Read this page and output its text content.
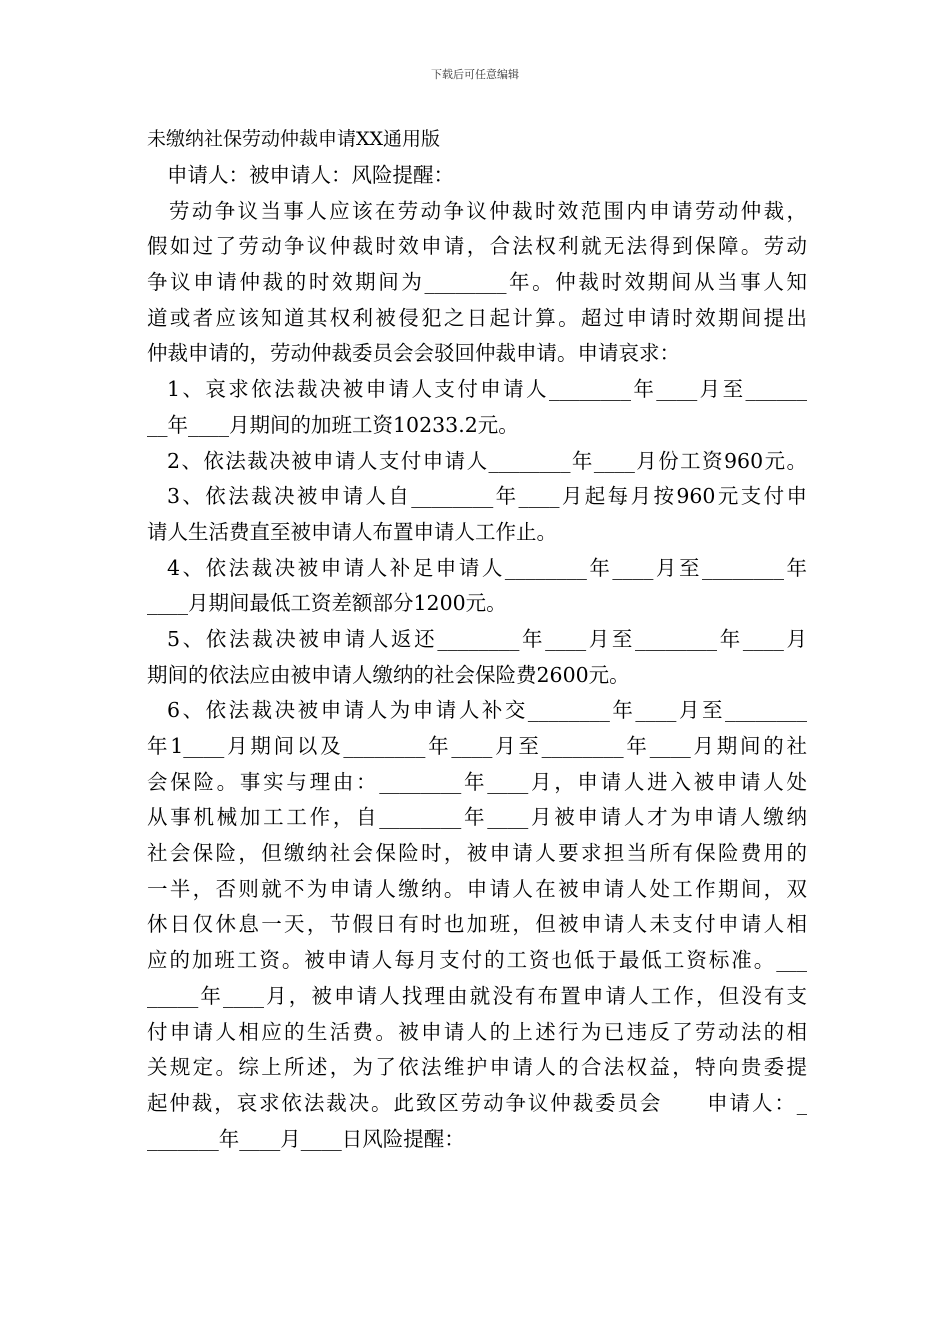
下载后可任意编辑
未缴纳社保劳动仲裁申请XX通用版
申请人：被申请人：风险提醒：
劳动争议当事人应该在劳动争议仲裁时效范围内申请劳动仲裁，
假如过了劳动争议仲裁时效申请，合法权利就无法得到保障。劳动
争议申请仲裁的时效期间为________年。仲裁时效期间从当事人知
道或者应该知道其权利被侵犯之日起计算。超过申请时效期间提出
仲裁申请的，劳动仲裁委员会会驳回仲裁申请。申请哀求：
1、哀求依法裁决被申请人支付申请人________年____月至______
__年____月期间的加班工资10233.2元。
2、依法裁决被申请人支付申请人________年____月份工资960元。
3、依法裁决被申请人自________年____月起每月按960元支付申
请人生活费直至被申请人布置申请人工作止。
4、依法裁决被申请人补足申请人________年____月至________年
____月期间最低工资差额部分1200元。
5、依法裁决被申请人返还________年____月至________年____月
期间的依法应由被申请人缴纳的社会保险费2600元。
6、依法裁决被申请人为申请人补交________年____月至________
年1____月期间以及________年____月至________年____月期间的社
会保险。事实与理由：________年____月，申请人进入被申请人处
从事机械加工工作，自________年____月被申请人才为申请人缴纳
社会保险，但缴纳社会保险时，被申请人要求担当所有保险费用的
一半，否则就不为申请人缴纳。申请人在被申请人处工作期间，双
休日仅休息一天，节假日有时也加班，但被申请人未支付申请人相
应的加班工资。被申请人每月支付的工资也低于最低工资标准。___
_____年____月，被申请人找理由就没有布置申请人工作，但没有支
付申请人相应的生活费。被申请人的上述行为已违反了劳动法的相
关规定。综上所述，为了依法维护申请人的合法权益，特向贵委提
起仲裁，哀求依法裁决。此致区劳动争议仲裁委员会　　申请人：_
_______年____月____日风险提醒：
